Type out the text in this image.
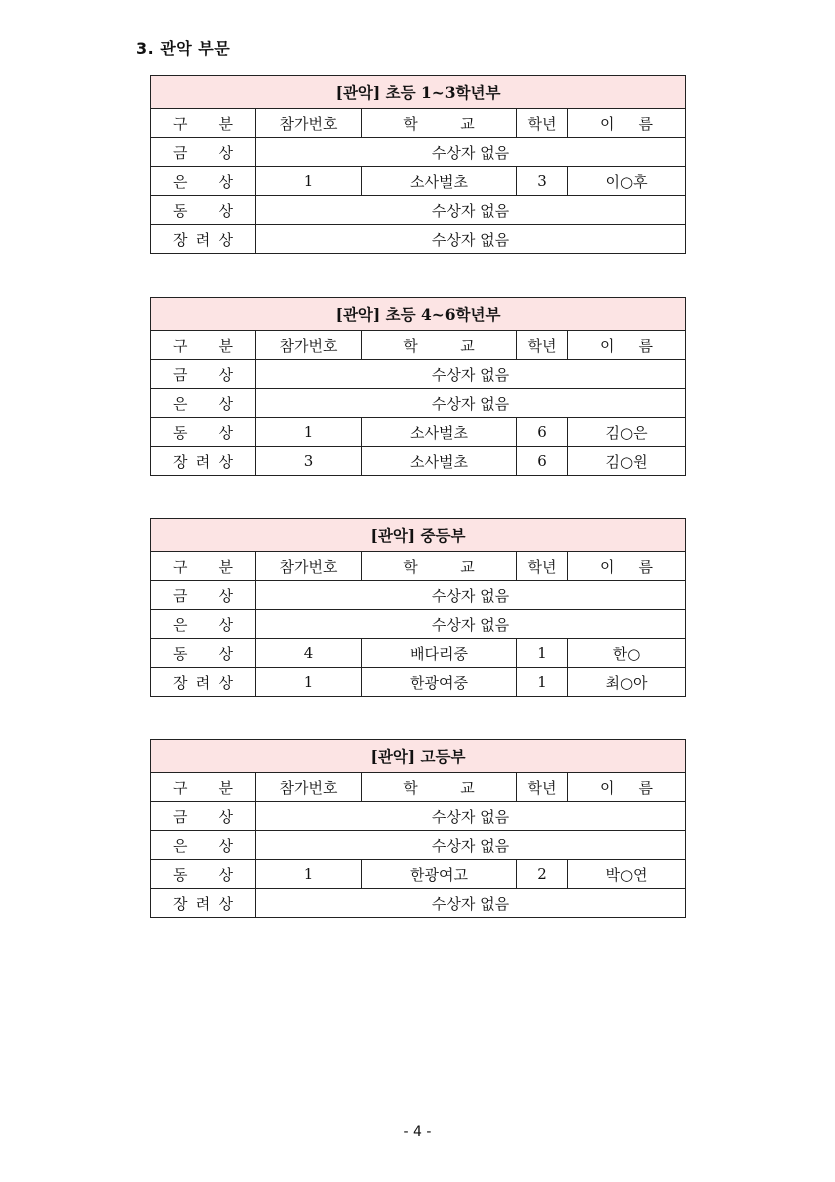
3. 관악 부문
[관악] 초등 1~3학년부				

구 분	참가번호	학 교	학년	이 름

금 상	수상자 없음			

은 상	1	소사벌초	3	이○후

동 상	수상자 없음			

장 려 상	수상자 없음			
[관악] 초등 4~6학년부				

구 분	참가번호	학 교	학년	이 름

금 상	수상자 없음			

은 상	수상자 없음			

동 상	1	소사벌초	6	김○은

장 려 상	3	소사벌초	6	김○원
[관악] 중등부				

구 분	참가번호	학 교	학년	이 름

금 상	수상자 없음			

은 상	수상자 없음			

동 상	4	배다리중	1	한○

장 려 상	1	한광여중	1	최○아
[관악] 고등부				

구 분	참가번호	학 교	학년	이 름

금 상	수상자 없음			

은 상	수상자 없음			

동 상	1	한광여고	2	박○연

장 려 상	수상자 없음			
- 4 -
